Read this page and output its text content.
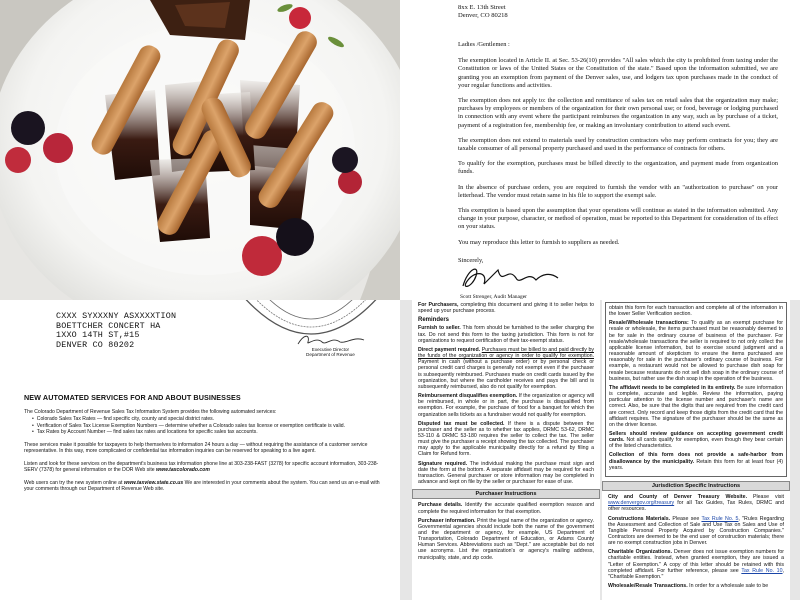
8xx E. 13th Street
Denver, CO 80218
Ladies /Gentlemen :

The exemption located in Article II. at Sec. 53-26(10) provides "All sales which the city is prohibited from taxing under the Constitution or laws of the United States or the Constitution of the state." Based upon the information submitted, we are granting you an exemption from payment of the Denver sales, use, and lodgers tax upon purchases made in the conduct of your regular functions and activities.

The exemption does not apply to: the collection and remittance of sales tax on retail sales that the organization may make; purchases by employees or members of the organization for their own personal use; or food, beverage or lodging purchased in connection with any event where the participant reimburses the organization in any way, such as by purchase of a ticket, payment of a registration fee, membership fee, or making an involuntary contribution to attend such event.

The exemption does not extend to materials used by construction contractors who may perform contracts for you; they are taxable consumer of all personal property purchased and used in the performance of contracts for others.

To qualify for the exemption, purchases must be billed directly to the organization, and payment made from organization funds.

In the absence of purchase orders, you are required to furnish the vendor with an "authorization to purchase" on your letterhead. The vendor must retain same in his file to support the exempt sale.

This exemption is based upon the assumption that your operations will continue as stated in the information submitted. Any change in your purpose, character, or method of operation, must be reported to this Department for consideration of its effect on your status.

You may reproduce this letter to furnish to suppliers as needed.

Sincerely,
Scott Strenger, Audit Manager
CXXX SYXXXNY ASXXXXTION
BOETTCHER CONCERT HA
1XXO 14TH ST,#15
DENVER CO 80202	Executive Director
Department of Revenue
NEW AUTOMATED SERVICES FOR AND ABOUT BUSINESSES

The Colorado Department of Revenue Sales Tax Information System provides the following automated services:

• Colorado Sales Tax Rates — find specific city, county and special district rates.
• Verification of Sales Tax License Exemption Numbers — determine whether a Colorado sales tax license or exemption certificate is valid.
• Tax Rates by Account Number — find sales tax rates and locations for specific sales tax accounts.

These services make it possible for taxpayers to help themselves to information 24 hours a day — without requiring the assistance of a customer service representative. In this way, more complicated or confidential tax information inquiries can be reserved for speaking to a live agent.

Listen and look for these services on the department's business tax information phone line at 303-238-FAST (3278) for specific account information, 303-238-SERV (7378) for general information or the DOR Web site www.taxcolorado.com

Web users can try the new system online at www.taxview.state.co.us We are interested in your comments about the system. You can send us an e-mail with your comments through our Department of Revenue Web site.

For Purchasers, completing this document and giving it to seller helps to speed up your purchase process.

Reminders

Furnish to seller. This form should be furnished to the seller charging the tax. Do not send this form to the taxing jurisdiction. This form is not for organizations to request certification of their tax-exempt status.

Direct payment required. Purchases must be billed to and paid directly by the funds of the organization or agency in order to qualify for exemption. Payment in cash (without a purchase order) or by personal check or personal credit card charges is generally not exempt even if the purchaser is subsequently reimbursed. Purchases made on credit cards issued by the organization, but where the cardholder receives and pays the bill and is subsequently reimbursed, also do not qualify for exemption.

Reimbursement disqualifies exemption. If the organization or agency will be reimbursed, in whole or in part, the purchase is disqualified from exemption. For example, the purchase of food for a banquet for which the organization sells tickets as a fundraiser would not qualify for exemption.

Disputed tax must be collected. If there is a dispute between the purchaser and the seller as to whether tax applies, DRMC 53-62, DRMC 53-110 & DRMC 53-180 requires the seller to collect the tax. The seller must give the purchaser a receipt showing the tax collected. The purchaser may apply to the applicable municipality directly for a refund by filing a Claim for Refund form.

Signature required. The individual making the purchase must sign and date the form at the bottom. A separate affidavit may be required for each transaction. General purchaser or store information may be completed in advance and kept on file by the seller or purchaser for ease of use.

Purchaser Instructions

Purchase details. Identify the accurate qualified exemption reason and complete the required information for that exemption.

Purchaser information. Print the legal name of the organization or agency. Governmental agencies should include both the name of the government and the department or agency, for example, US Department of Transportation, Colorado Department of Education, or Adams County Human Services. Abbreviations such as "Dept." are acceptable but do not use acronyms. List the organization's or agency's mailing address, municipality, state, and zip code.

obtain this form for each transaction and complete all of the information in the lower Seller Verification section.

Resale/Wholesale transactions: To qualify as an exempt purchase for resale or wholesale, the items purchased must be reasonably deemed to be for sale in the ordinary course of business of the purchaser. For resale/wholesale transactions the seller is required to not only collect the applicable license information, but to exercise sound judgment and a reasonable amount of skepticism to ensure the items purchased are reasonably for sale in the purchaser's ordinary course of business. For example, a restaurant would not be allowed to purchase dish soap for resale because restaurants do not sell dish soap in the ordinary course of business, but rather use the dish soap in the operation of the business.

The affidavit needs to be completed in its entirety. Be sure information is complete, accurate and legible. Review the information, paying particular attention to the license number and purchaser's name are correct. Also, be sure that the digits that are required from the credit card are correct. Only record and keep those digits from the credit card that the affidavit requires. The signature of the purchaser should be the same as on the driver license.

Sellers should review guidance on accepting government credit cards. Not all cards qualify for exemption, even though they bear certain of the listed characteristics.

Collection of this form does not provide a safe-harbor from disallowance by the municipality. Retain this form for at least four (4) years.

Jurisdiction Specific Instructions

City and County of Denver Treasury Website. Please visit www.denvergov.org/treasury for all Tax Guides, Tax Rules, DRMC and other resources.

Constructions Materials. Please see Tax Rule No. 5, "Rules Regarding the Assessment and Collection of Sale and Use Tax on Sales and Use of Tangible Personal Property Acquired by Construction Companies." Contractors are deemed to be the end user of construction materials; there are no exempt construction jobs in Denver.

Charitable Organizations. Denver does not issue exemption numbers for charitable entities. Instead, when granted exemption, they are issued a "Letter of Exemption." A copy of this letter should be retained with this completed affidavit. For further reference, please see Tax Rule No. 10, "Charitable Exemption."

Wholesale/Resale Transactions. In order for a wholesale sale to be
